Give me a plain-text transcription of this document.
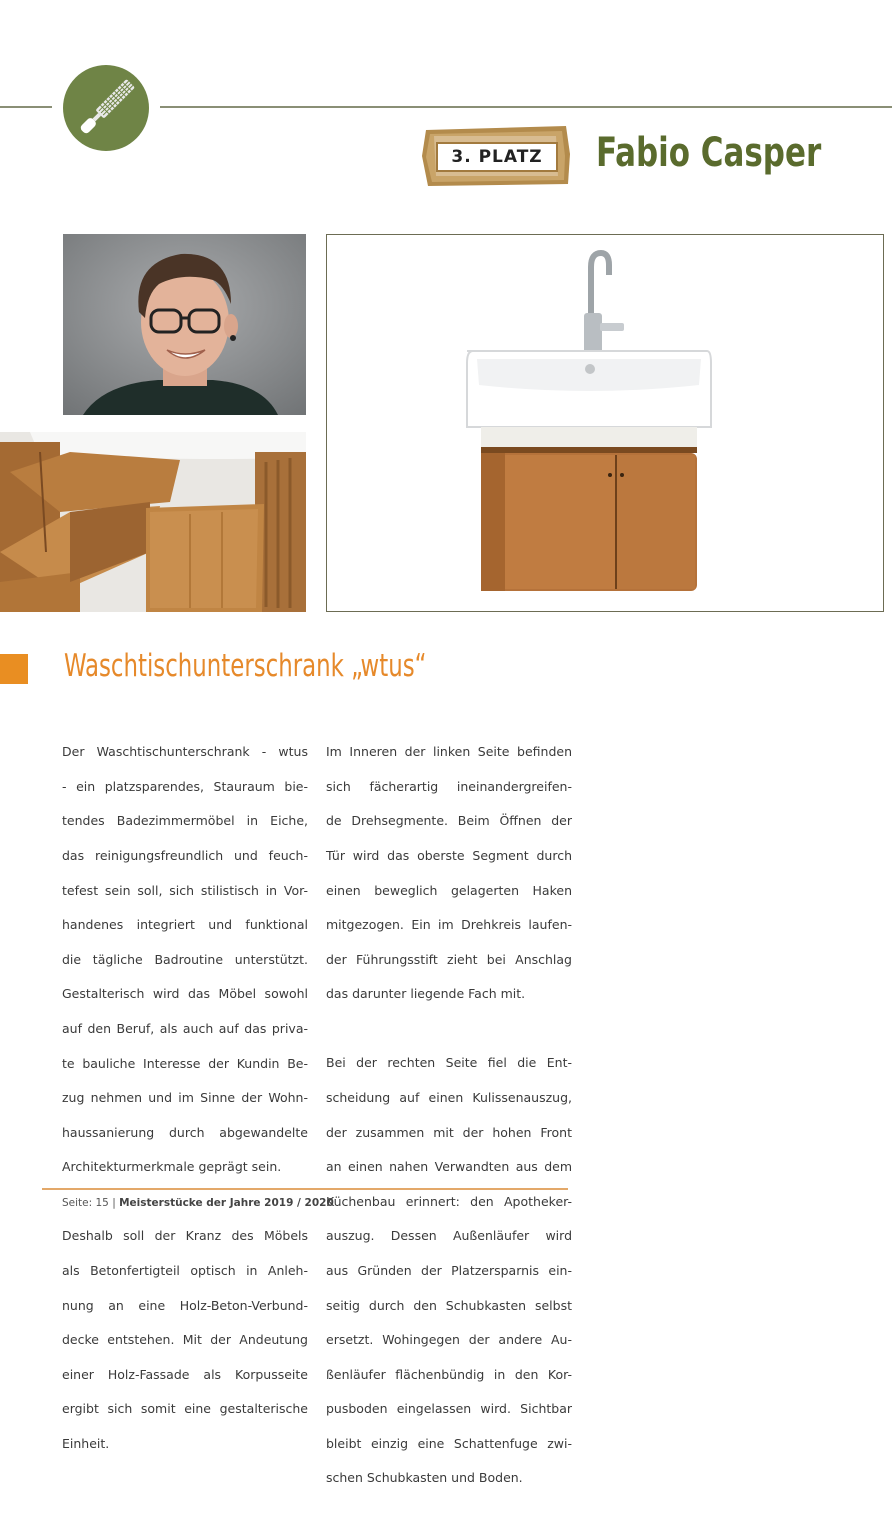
3. PLATZ	Fabio Casper
Waschtischunterschrank „wtus“

Der Waschtischunterschrank - wtus

- ein platzsparendes, Stauraum bie-

tendes Badezimmermöbel in Eiche,

das reinigungsfreundlich und feuch-

tefest sein soll, sich stilistisch in Vor-

handenes integriert und funktional

die tägliche Badroutine unterstützt.

Gestalterisch wird das Möbel sowohl

auf den Beruf, als auch auf das priva-

te bauliche Interesse der Kundin Be-

zug nehmen und im Sinne der Wohn-

haussanierung durch abgewandelte

Architekturmerkmale geprägt sein.

Deshalb soll der Kranz des Möbels

als Betonfertigteil optisch in Anleh-

nung an eine Holz-Beton-Verbund-

decke entstehen. Mit der Andeutung

einer Holz-Fassade als Korpusseite

ergibt sich somit eine gestalterische

Einheit.

Im Inneren der linken Seite befinden

sich fächerartig ineinandergreifen-

de Drehsegmente. Beim Öffnen der

Tür wird das oberste Segment durch

einen beweglich gelagerten Haken

mitgezogen. Ein im Drehkreis laufen-

der Führungsstift zieht bei Anschlag

das darunter liegende Fach mit.

Bei der rechten Seite fiel die Ent-

scheidung auf einen Kulissenauszug,

der zusammen mit der hohen Front

an einen nahen Verwandten aus dem

Küchenbau erinnert: den Apotheker-

auszug. Dessen Außenläufer wird

aus Gründen der Platzersparnis ein-

seitig durch den Schubkasten selbst

ersetzt. Wohingegen der andere Au-

ßenläufer flächenbündig in den Kor-

pusboden eingelassen wird. Sichtbar

bleibt einzig eine Schattenfuge zwi-

schen Schubkasten und Boden.

Seite: 15 | Meisterstücke der Jahre 2019 / 2020
